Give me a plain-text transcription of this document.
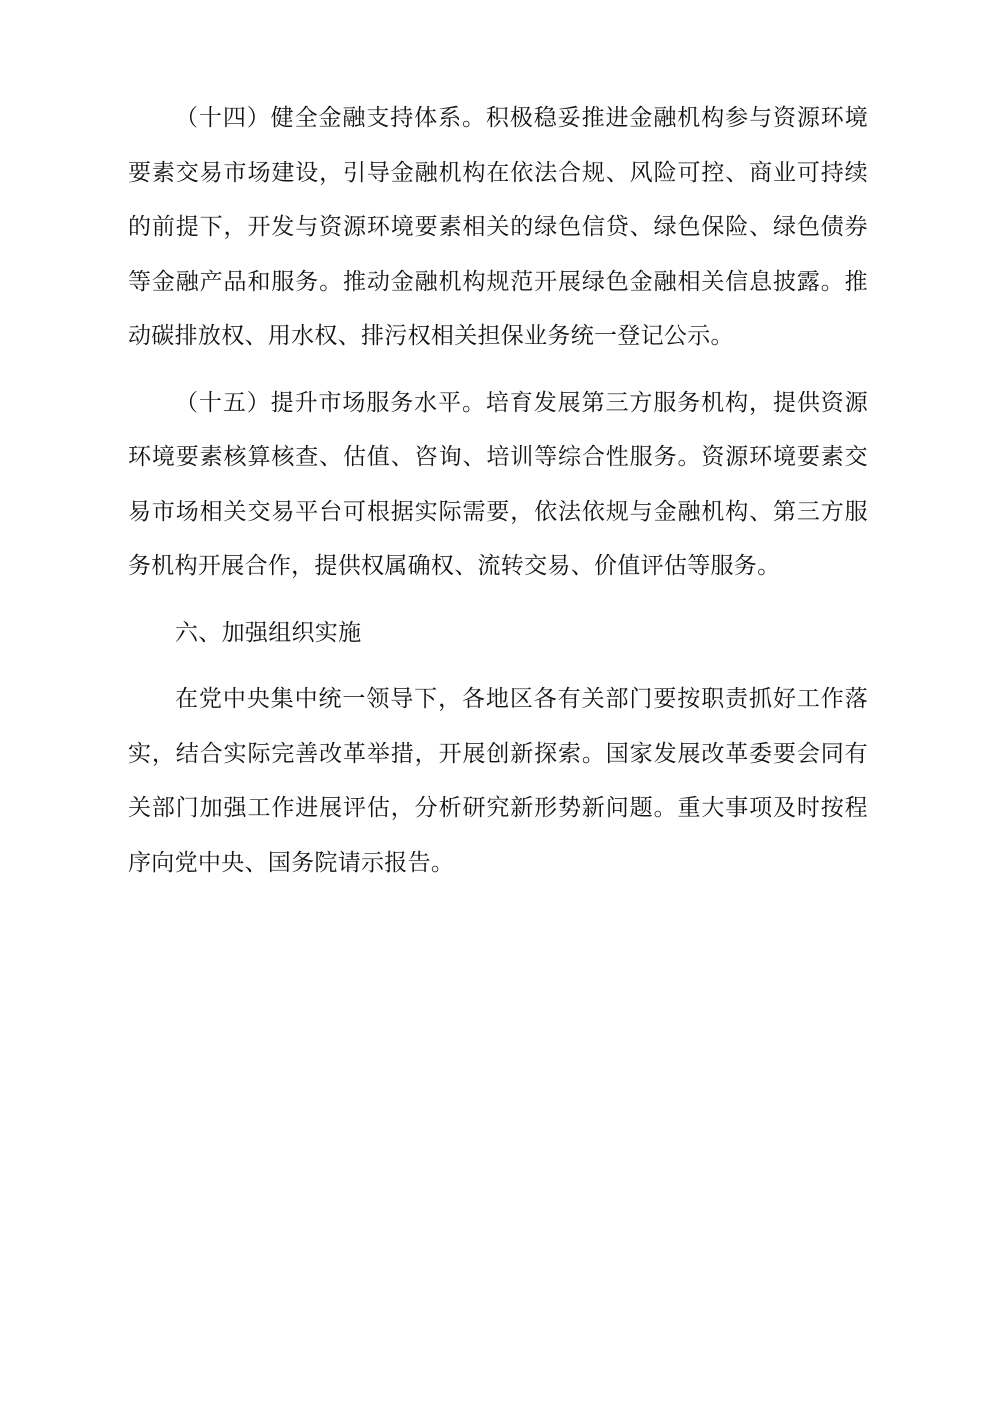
（十四）健全金融支持体系。积极稳妥推进金融机构参与资源环境要素交易市场建设，引导金融机构在依法合规、风险可控、商业可持续的前提下，开发与资源环境要素相关的绿色信贷、绿色保险、绿色债券等金融产品和服务。推动金融机构规范开展绿色金融相关信息披露。推动碳排放权、用水权、排污权相关担保业务统一登记公示。

（十五）提升市场服务水平。培育发展第三方服务机构，提供资源环境要素核算核查、估值、咨询、培训等综合性服务。资源环境要素交易市场相关交易平台可根据实际需要，依法依规与金融机构、第三方服务机构开展合作，提供权属确权、流转交易、价值评估等服务。

六、加强组织实施

在党中央集中统一领导下，各地区各有关部门要按职责抓好工作落实，结合实际完善改革举措，开展创新探索。国家发展改革委要会同有关部门加强工作进展评估，分析研究新形势新问题。重大事项及时按程序向党中央、国务院请示报告。
